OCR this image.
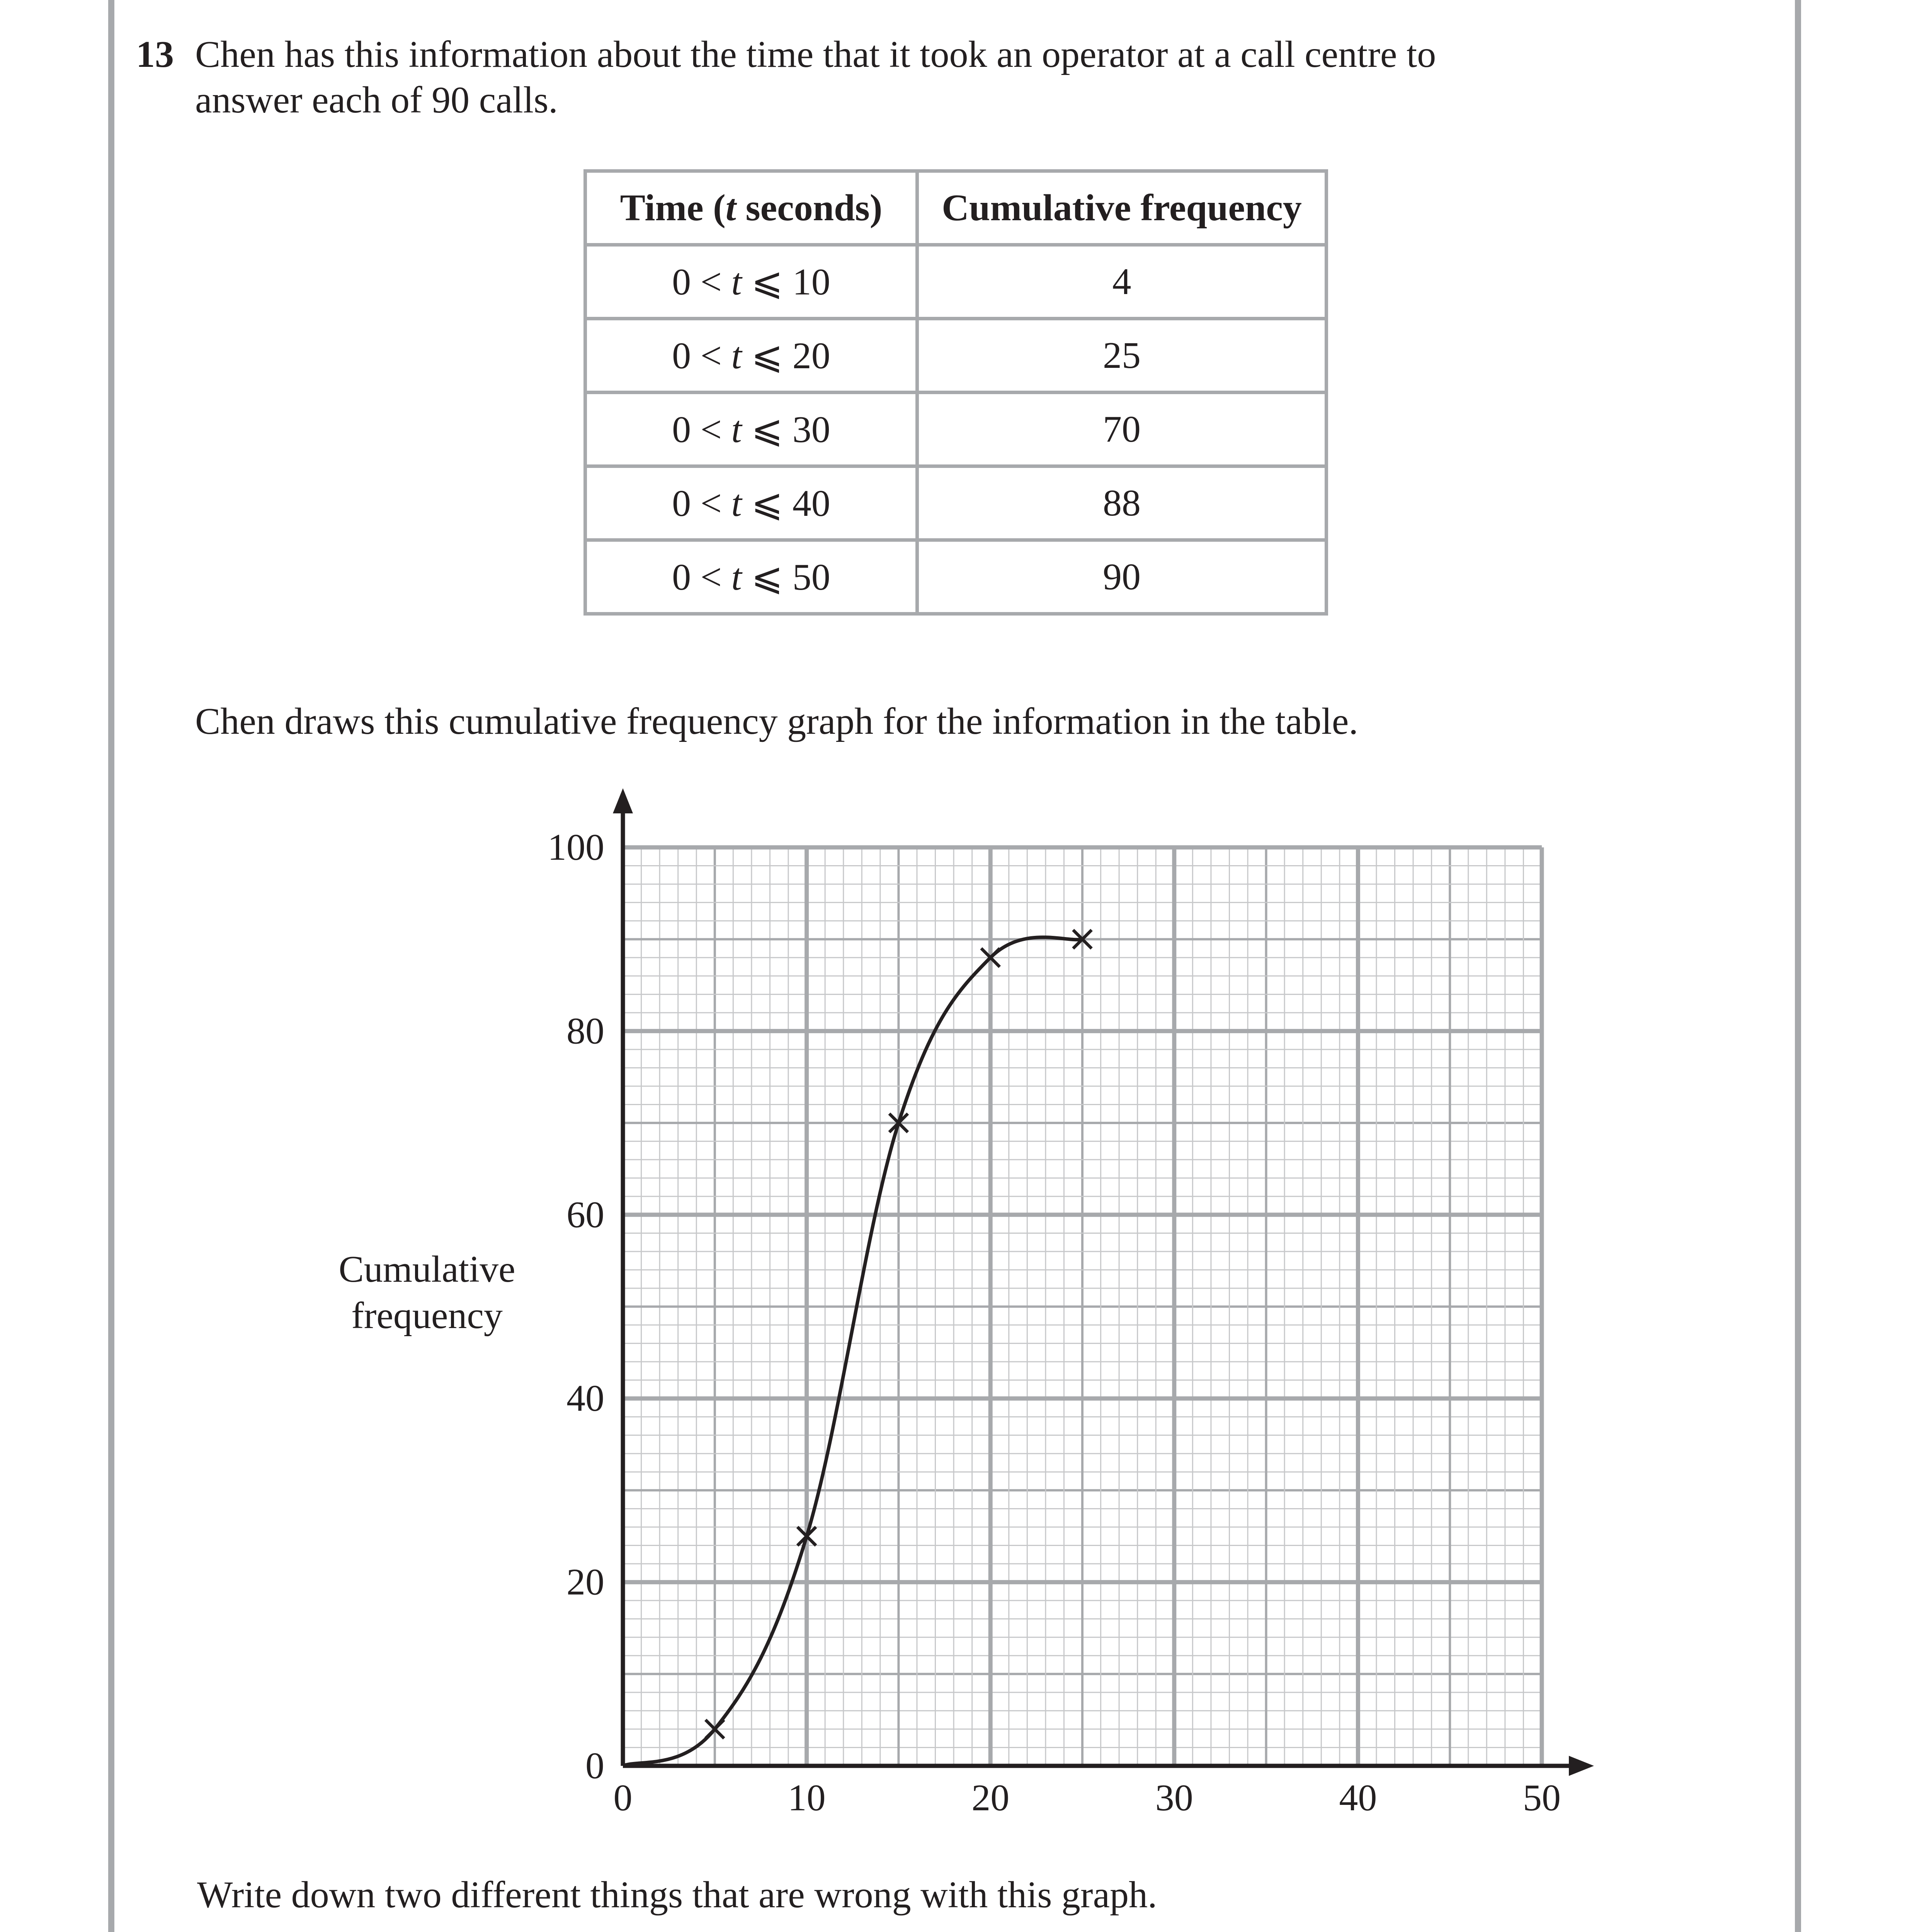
13 Chen has this information about the time that it took an operator at a call centre to
answer each of 90 calls.
Time (t seconds)	Cumulative frequency
0 < t ⩽ 10	4
0 < t ⩽ 20	25
0 < t ⩽ 30	70
0 < t ⩽ 40	88
0 < t ⩽ 50	90
Chen draws this cumulative frequency graph for the information in the table.
Cumulative
frequency
0	10	20	30	40	50
0
20
40
60
80
100
Write down two different things that are wrong with this graph.
